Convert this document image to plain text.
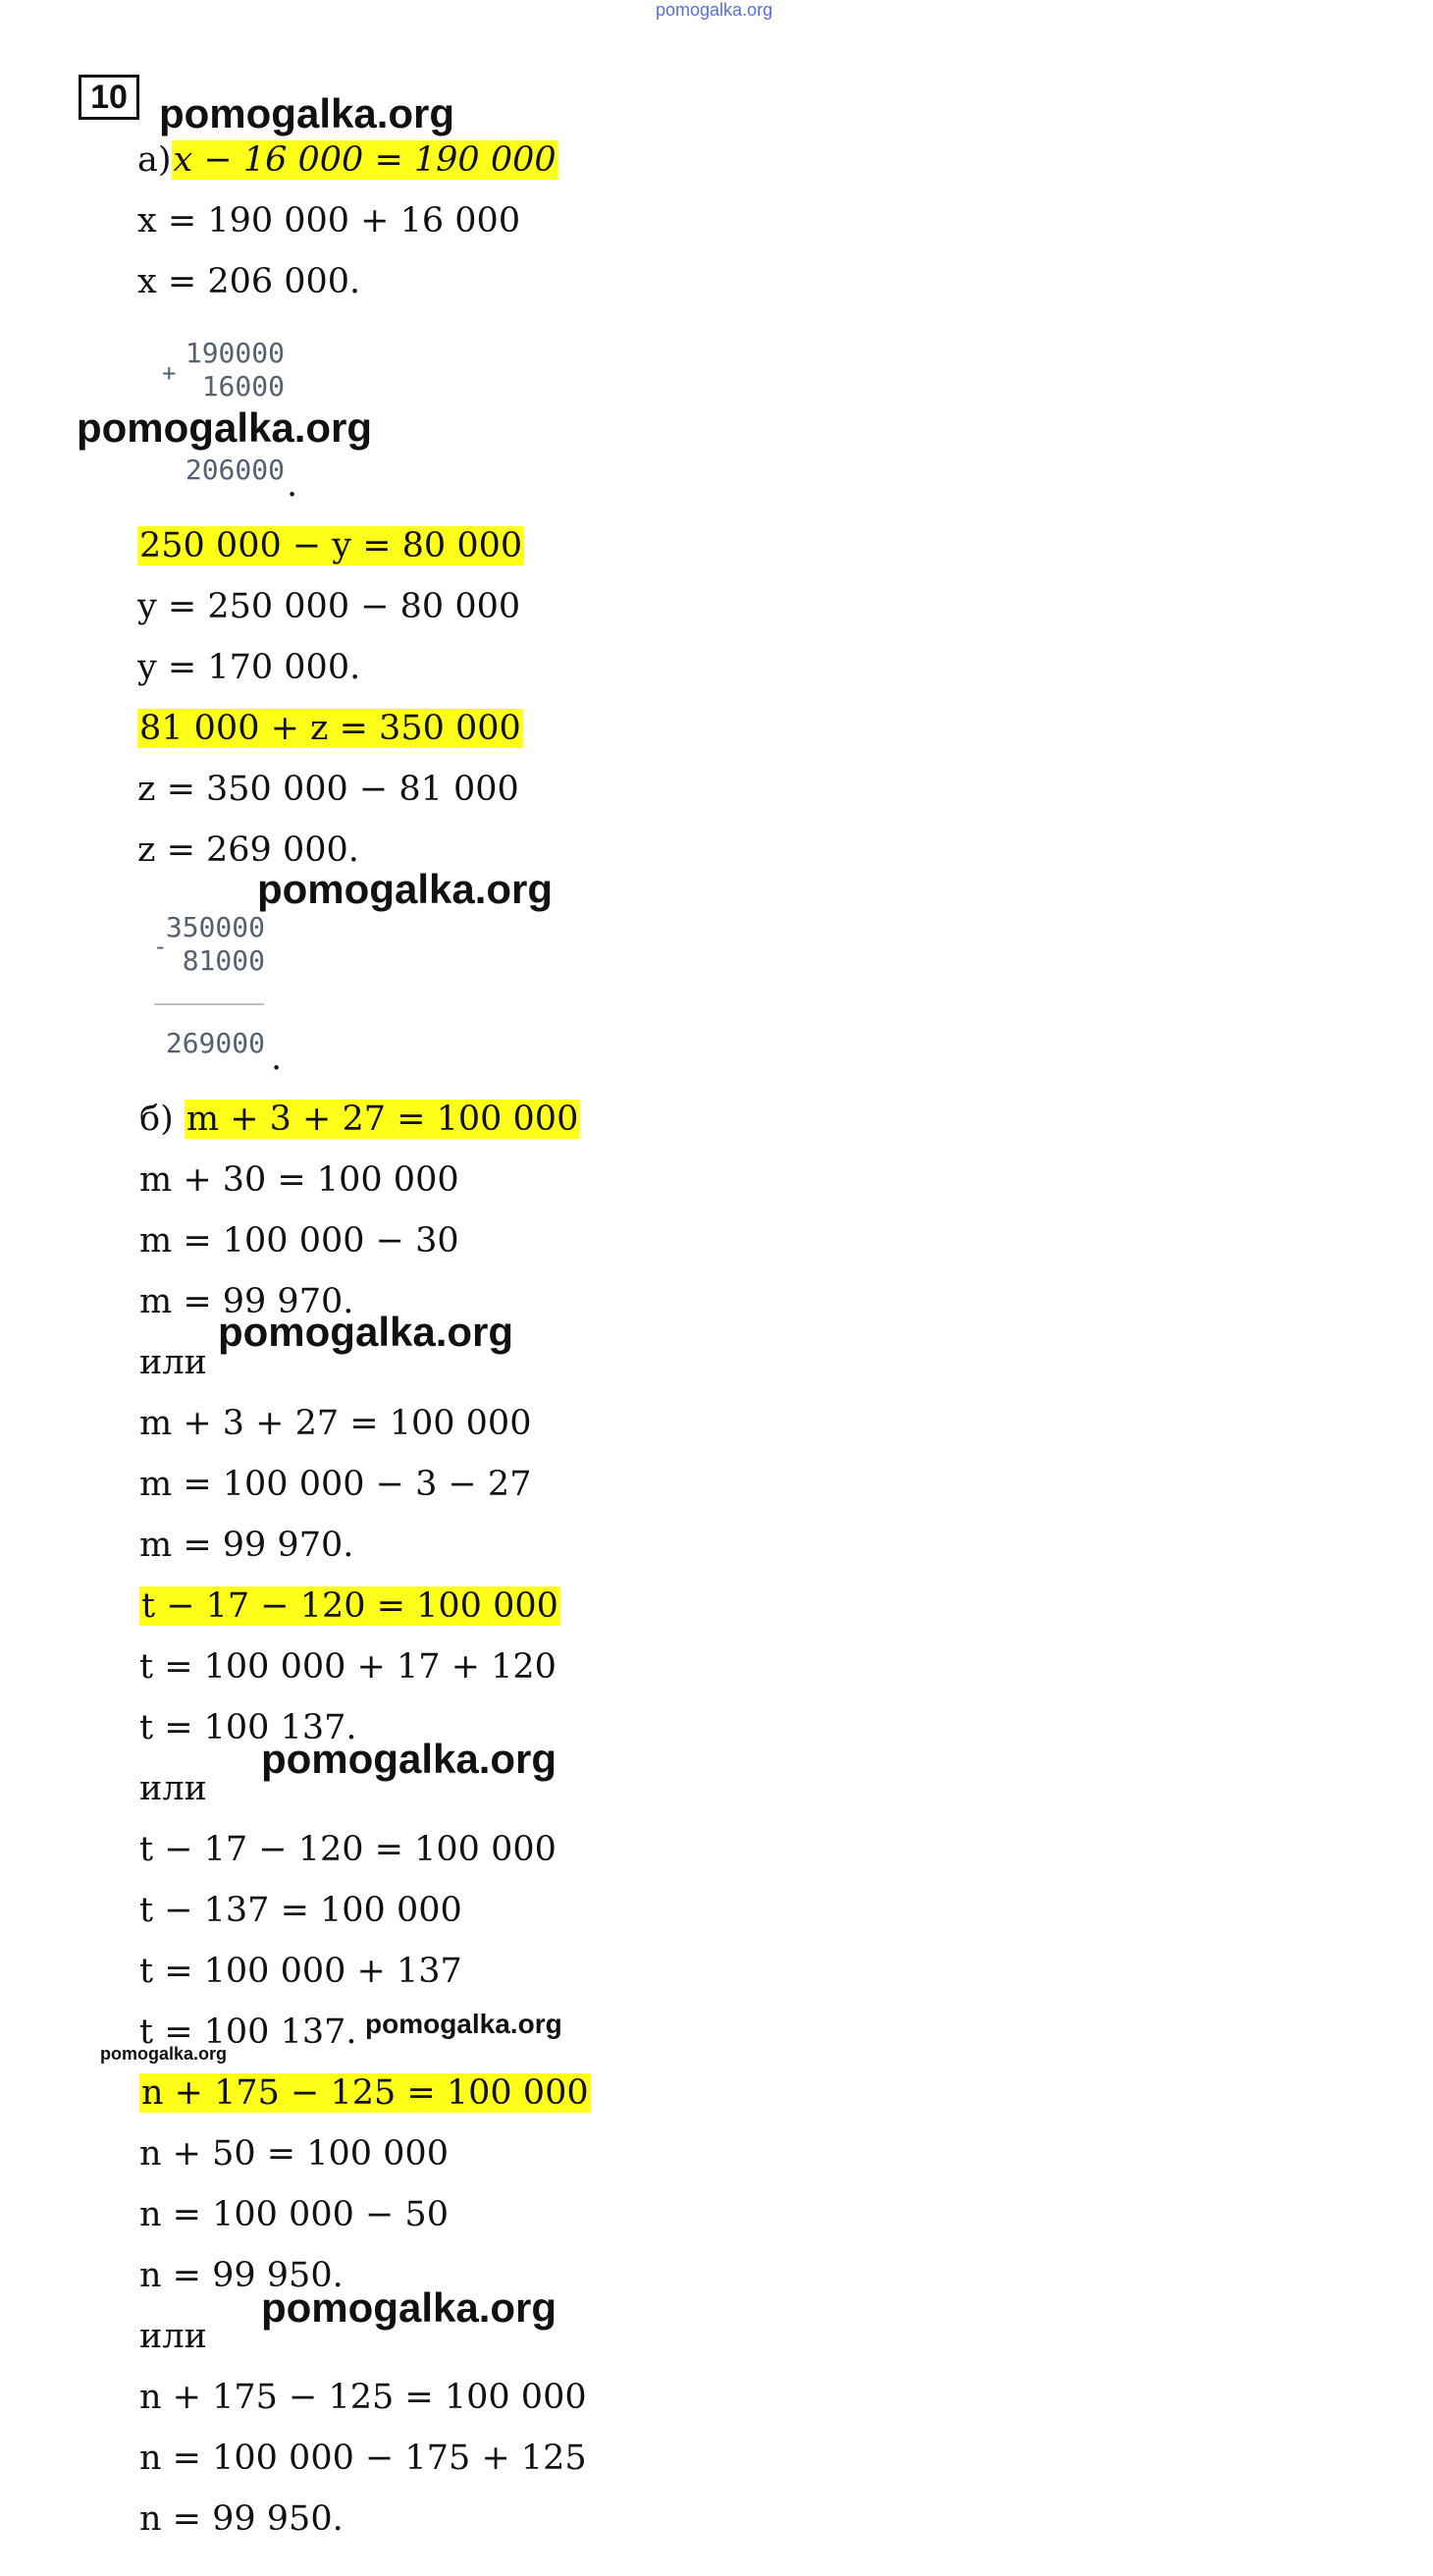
pomogalka.org
10 pomogalka.org
pomogalka.org
pomogalka.org
pomogalka.org
pomogalka.org
pomogalka.org
pomogalka.org
pomogalka.org
а)x − 16 000 = 190 000
x = 190 000 + 16 000
x = 206 000.
190000
16000
+
206000 .
250 000 − y = 80 000
y = 250 000 − 80 000
y = 170 000.
81 000 + z = 350 000
z = 350 000 − 81 000
z = 269 000.
350000
81000
-
269000 .
б) m + 3 + 27 = 100 000
m + 30 = 100 000
m = 100 000 − 30
m = 99 970.
или
m + 3 + 27 = 100 000
m = 100 000 − 3 − 27
m = 99 970.
t − 17 − 120 = 100 000
t = 100 000 + 17 + 120
t = 100 137.
или
t − 17 − 120 = 100 000
t − 137 = 100 000
t = 100 000 + 137
t = 100 137.
n + 175 − 125 = 100 000
n + 50 = 100 000
n = 100 000 − 50
n = 99 950.
или
n + 175 − 125 = 100 000
n = 100 000 − 175 + 125
n = 99 950.
